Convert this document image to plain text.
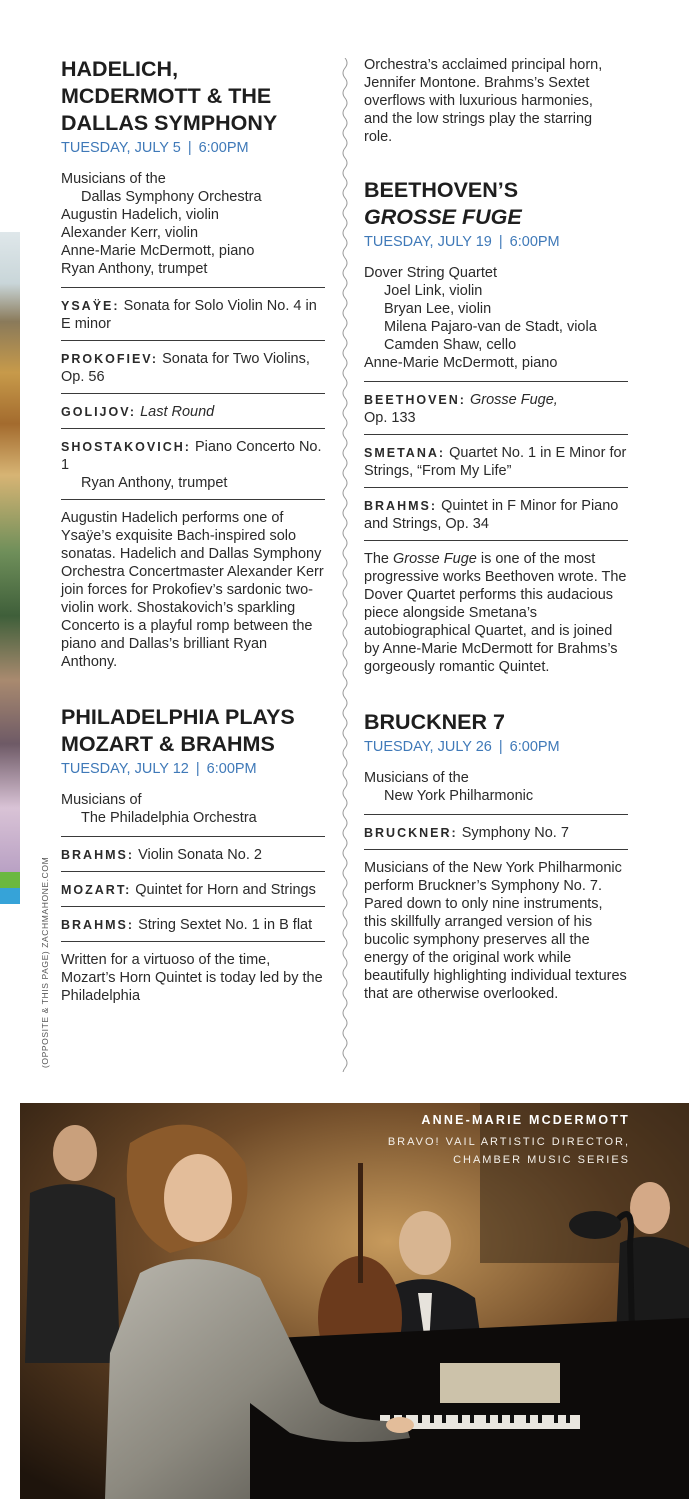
(OPPOSITE & THIS PAGE) ZACHMAHONE.COM
HADELICH, MCDERMOTT & THE DALLAS SYMPHONY
TUESDAY, JULY 5 | 6:00PM
Musicians of the
Dallas Symphony Orchestra
Augustin Hadelich, violin
Alexander Kerr, violin
Anne-Marie McDermott, piano
Ryan Anthony, trumpet
YSAŸE: Sonata for Solo Violin No. 4 in E minor
PROKOFIEV: Sonata for Two Violins, Op. 56
GOLIJOV: Last Round
SHOSTAKOVICH: Piano Concerto No. 1
Ryan Anthony, trumpet
Augustin Hadelich performs one of Ysaÿe’s exquisite Bach-inspired solo sonatas. Hadelich and Dallas Symphony Orchestra Concertmaster Alexander Kerr join forces for Prokofiev’s sardonic two-violin work. Shostakovich’s sparkling Concerto is a playful romp between the piano and Dallas’s brilliant Ryan Anthony.
PHILADELPHIA PLAYS MOZART & BRAHMS
TUESDAY, JULY 12 | 6:00PM
Musicians of
The Philadelphia Orchestra
BRAHMS: Violin Sonata No. 2
MOZART: Quintet for Horn and Strings
BRAHMS: String Sextet No. 1 in B flat
Written for a virtuoso of the time, Mozart’s Horn Quintet is today led by the Philadelphia
Orchestra’s acclaimed principal horn, Jennifer Montone. Brahms’s Sextet overflows with luxurious harmonies, and the low strings play the starring role.
BEETHOVEN’S
GROSSE FUGE
TUESDAY, JULY 19 | 6:00PM
Dover String Quartet
Joel Link, violin
Bryan Lee, violin
Milena Pajaro-van de Stadt, viola
Camden Shaw, cello
Anne-Marie McDermott, piano
BEETHOVEN: Grosse Fuge,
Op. 133
SMETANA: Quartet No. 1 in E Minor for Strings, “From My Life”
BRAHMS: Quintet in F Minor for Piano and Strings, Op. 34
The Grosse Fuge is one of the most progressive works Beethoven wrote. The Dover Quartet performs this audacious piece alongside Smetana’s autobiographical Quartet, and is joined by Anne-Marie McDermott for Brahms’s gorgeously romantic Quintet.
BRUCKNER 7
TUESDAY, JULY 26 | 6:00PM
Musicians of the
New York Philharmonic
BRUCKNER: Symphony No. 7
Musicians of the New York Philharmonic perform Bruckner’s Symphony No. 7. Pared down to only nine instruments, this skillfully arranged version of his bucolic symphony preserves all the energy of the original work while beautifully highlighting individual textures that are otherwise overlooked.
ANNE-MARIE MCDERMOTT
BRAVO! VAIL ARTISTIC DIRECTOR,
CHAMBER MUSIC SERIES
